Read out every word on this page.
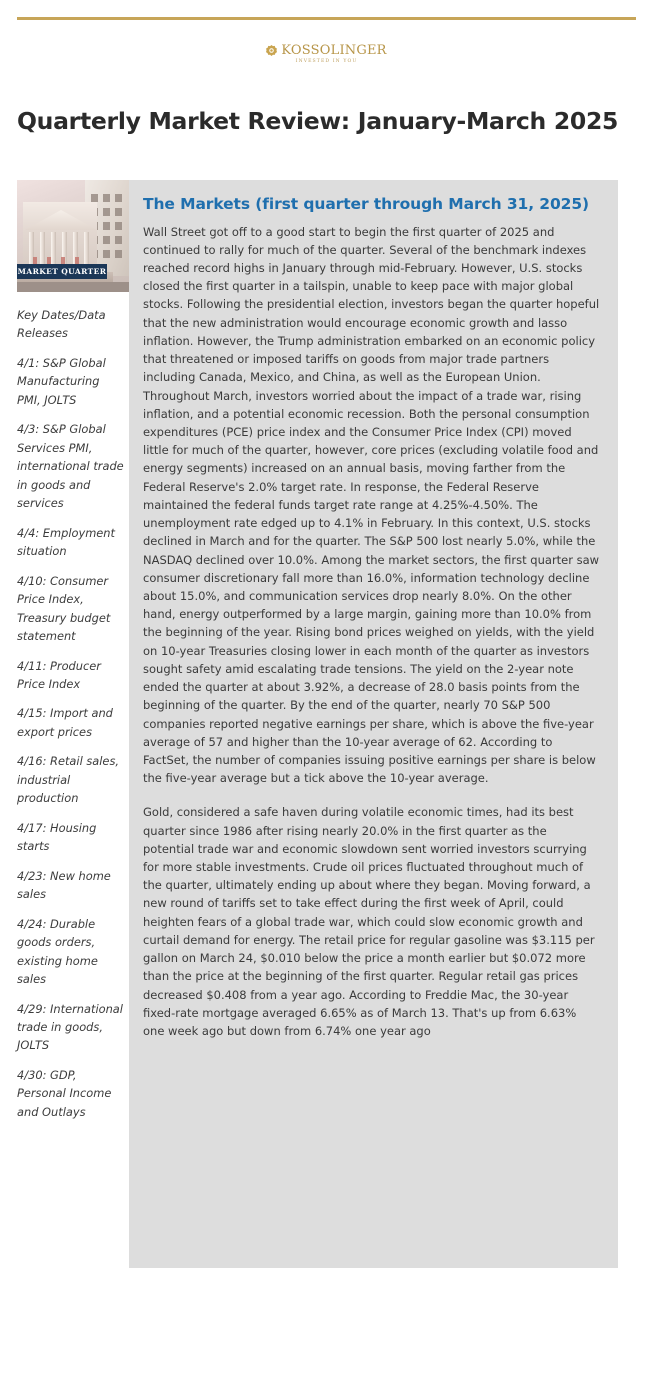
KOSSOLINGER
INVESTED IN YOU
Quarterly Market Review: January-March 2025
MARKET QUARTER
Key Dates/Data Releases
4/1: S&P Global Manufacturing PMI, JOLTS
4/3: S&P Global Services PMI, international trade in goods and services
4/4: Employment situation
4/10: Consumer Price Index, Treasury budget statement
4/11: Producer Price Index
4/15: Import and export prices
4/16: Retail sales, industrial production
4/17: Housing starts
4/23: New home sales
4/24: Durable goods orders, existing home sales
4/29: International trade in goods, JOLTS
4/30: GDP, Personal Income and Outlays
The Markets (first quarter through March 31, 2025)

Wall Street got off to a good start to begin the first quarter of 2025 and continued to rally for much of the quarter. Several of the benchmark indexes reached record highs in January through mid-February. However, U.S. stocks closed the first quarter in a tailspin, unable to keep pace with major global stocks. Following the presidential election, investors began the quarter hopeful that the new administration would encourage economic growth and lasso inflation. However, the Trump administration embarked on an economic policy that threatened or imposed tariffs on goods from major trade partners including Canada, Mexico, and China, as well as the European Union. Throughout March, investors worried about the impact of a trade war, rising inflation, and a potential economic recession. Both the personal consumption expenditures (PCE) price index and the Consumer Price Index (CPI) moved little for much of the quarter, however, core prices (excluding volatile food and energy segments) increased on an annual basis, moving farther from the Federal Reserve's 2.0% target rate. In response, the Federal Reserve maintained the federal funds target rate range at 4.25%-4.50%. The unemployment rate edged up to 4.1% in February. In this context, U.S. stocks declined in March and for the quarter. The S&P 500 lost nearly 5.0%, while the NASDAQ declined over 10.0%. Among the market sectors, the first quarter saw consumer discretionary fall more than 16.0%, information technology decline about 15.0%, and communication services drop nearly 8.0%. On the other hand, energy outperformed by a large margin, gaining more than 10.0% from the beginning of the year. Rising bond prices weighed on yields, with the yield on 10-year Treasuries closing lower in each month of the quarter as investors sought safety amid escalating trade tensions. The yield on the 2-year note ended the quarter at about 3.92%, a decrease of 28.0 basis points from the beginning of the quarter. By the end of the quarter, nearly 70 S&P 500 companies reported negative earnings per share, which is above the five-year average of 57 and higher than the 10-year average of 62. According to FactSet, the number of companies issuing positive earnings per share is below the five-year average but a tick above the 10-year average.

Gold, considered a safe haven during volatile economic times, had its best quarter since 1986 after rising nearly 20.0% in the first quarter as the potential trade war and economic slowdown sent worried investors scurrying for more stable investments. Crude oil prices fluctuated throughout much of the quarter, ultimately ending up about where they began. Moving forward, a new round of tariffs set to take effect during the first week of April, could heighten fears of a global trade war, which could slow economic growth and curtail demand for energy. The retail price for regular gasoline was $3.115 per gallon on March 24, $0.010 below the price a month earlier but $0.072 more than the price at the beginning of the first quarter. Regular retail gas prices decreased $0.408 from a year ago. According to Freddie Mac, the 30-year fixed-rate mortgage averaged 6.65% as of March 13. That's up from 6.63% one week ago but down from 6.74% one year ago
